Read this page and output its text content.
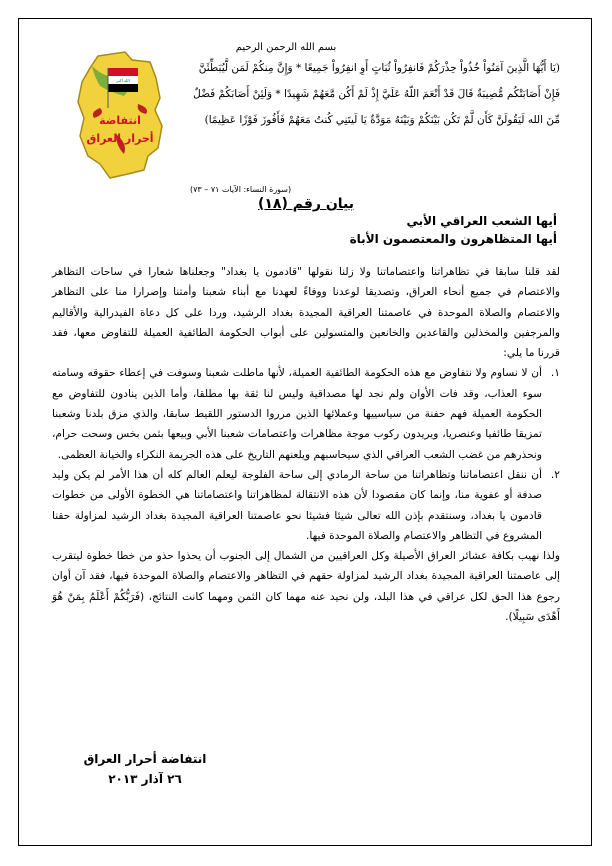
الله أكبر
انتفاضة
أحرار العراق
بسم الله الرحمن الرحيم
(يَا أَيُّهَا الَّذِينَ آمَنُواْ خُذُواْ حِذْرَكُمْ فَانفِرُواْ ثُبَاتٍ أَوِ انفِرُواْ جَمِيعًا * وَإِنَّ مِنكُمْ لَمَن لَّيُبَطِّئَنَّ
فَإِنْ أَصَابَتْكُم مُّصِيبَةٌ قَالَ قَدْ أَنْعَمَ اللّهُ عَلَيَّ إِذْ لَمْ أَكُن مَّعَهُمْ شَهِيدًا * وَلَئِنْ أَصَابَكُمْ فَضْلٌ
مِّنَ الله لَيَقُولَنَّ كَأَن لَّمْ تَكُن بَيْنَكُمْ وَبَيْنَهُ مَوَدَّةٌ يَا لَيتَنِي كُنتُ مَعَهُمْ فَأَفُوزَ فَوْزًا عَظِيمًا)
(سورة النساء: الآيات ٧١ – ٧٣)
بيان رقم (١٨)
أيها الشعب العراقي الأبي
أيها المتظاهرون والمعتصمون الأباة

لقد قلنا سابقا في تظاهراتنا واعتصاماتنا ولا زلنا نقولها "قادمون يا بغداد" وجعلناها شعارا في ساحات التظاهر والاعتصام في جميع أنحاء العراق، وتصديقا لوعدنا ووفاءً لعهدنا مع أبناء شعبنا وأمتنا وإصرارا منا على التظاهر والاعتصام والصلاة الموحدة في عاصمتنا العراقية المجيدة بغداد الرشيد، وردا على كل دعاة الفيدرالية والأقاليم والمرجفين والمخذلين والقاعدين والخانعين والمتسولين على أبواب الحكومة الطائفية العميلة للتفاوض معها، فقد قررنا ما يلي:

١.
أن لا نساوم ولا نتفاوض مع هذه الحكومة الطائفية العميلة، لأنها ماطلت شعبنا وسوفت في إعطاء حقوقه وسامته سوء العذاب، وقد فات الأوان ولم نجد لها مصداقية وليس لنا ثقة بها مطلقا، وأما الذين ينادون للتفاوض مع الحكومة العميلة فهم حفنة من سياسييها وعملائها الذين مرروا الدستور اللقيط سابقا، والذي مزق بلدنا وشعبنا تمزيقا طائفيا وعنصريا، ويريدون ركوب موجة مظاهرات واعتصامات شعبنا الأبي وبيعها بثمن بخس وسحت حرام، ونحذرهم من غضب الشعب العراقي الذي سيحاسبهم ويلعنهم التاريخ على هذه الجريمة النكراء والخيانة العظمى.
٢.
أن ننقل اعتصاماتنا وتظاهراتنا من ساحة الرمادي إلى ساحة الفلوجة ليعلم العالم كله أن هذا الأمر لم يكن وليد صدفة أو عفوية منا، وإنما كان مقصودا لأن هذه الانتقالة لمظاهراتنا واعتصاماتنا هي الخطوة الأولى من خطوات قادمون يا بغداد، وسنتقدم بإذن الله تعالى شيئا فشيئا نحو عاصمتنا العراقية المجيدة بغداد الرشيد لمزاولة حقنا المشروع في التظاهر والاعتصام والصلاة الموحدة فيها.

ولذا نهيب بكافة عشائر العراق الأصيلة وكل العراقيين من الشمال إلى الجنوب أن يحذوا حذو من خطا خطوة ليتقرب إلى عاصمتنا العراقية المجيدة بغداد الرشيد لمزاولة حقهم في التظاهر والاعتصام والصلاة الموحدة فيها، فقد آن أوان رجوع هذا الحق لكل عراقي في هذا البلد، ولن نحيد عنه مهما كان الثمن ومهما كانت النتائج، (فَرَبُّكُمْ أَعْلَمُ بِمَنْ هُوَ أَهْدَى سَبِيلًا).

انتفاضة أحرار العراق
٢٦ آذار ٢٠١٣
